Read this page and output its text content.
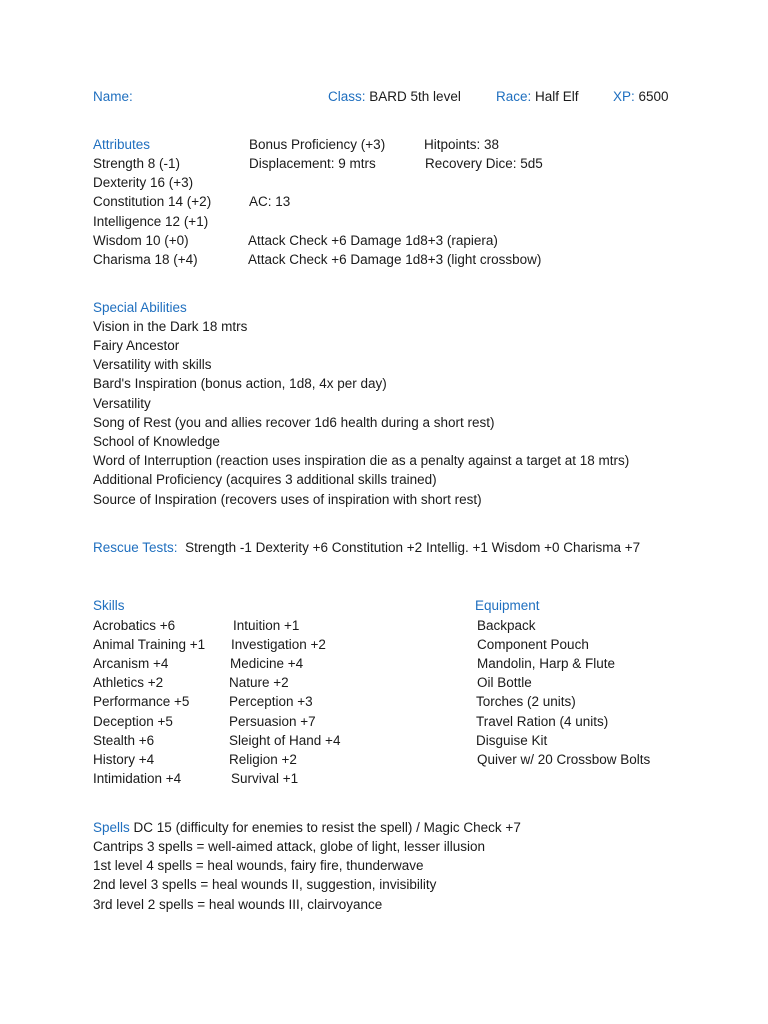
Name:	Class: BARD 5th level	Race: Half Elf	XP: 6500
Attributes	Bonus Proficiency (+3)	Hitpoints: 38
Strength 8 (-1)	Displacement: 9 mtrs	Recovery Dice: 5d5
Dexterity 16 (+3)
Constitution 14 (+2)	AC: 13
Intelligence 12 (+1)
Wisdom 10 (+0)	Attack Check +6 Damage 1d8+3 (rapiera)
Charisma 18 (+4)	Attack Check +6 Damage 1d8+3 (light crossbow)
Special Abilities
Vision in the Dark 18 mtrs
Fairy Ancestor
Versatility with skills
Bard's Inspiration (bonus action, 1d8, 4x per day)
Versatility
Song of Rest (you and allies recover 1d6 health during a short rest)
School of Knowledge
Word of Interruption (reaction uses inspiration die as a penalty against a target at 18 mtrs)
Additional Proficiency (acquires 3 additional skills trained)
Source of Inspiration (recovers uses of inspiration with short rest)
Rescue Tests: Strength -1 Dexterity +6 Constitution +2 Intellig. +1 Wisdom +0 Charisma +7
Skills	Equipment
Acrobatics +6	Intuition +1	Backpack
Animal Training +1 Investigation +2	Component Pouch
Arcanism +4	Medicine +4	Mandolin, Harp & Flute
Athletics +2	Nature +2	Oil Bottle
Performance +5	Perception +3	Torches (2 units)
Deception +5	Persuasion +7	Travel Ration (4 units)
Stealth +6	Sleight of Hand +4	Disguise Kit
History +4	Religion +2	Quiver w/ 20 Crossbow Bolts
Intimidation +4	Survival +1
Spells DC 15 (difficulty for enemies to resist the spell) / Magic Check +7
Cantrips 3 spells = well-aimed attack, globe of light, lesser illusion
1st level 4 spells = heal wounds, fairy fire, thunderwave
2nd level 3 spells = heal wounds II, suggestion, invisibility
3rd level 2 spells = heal wounds III, clairvoyance
